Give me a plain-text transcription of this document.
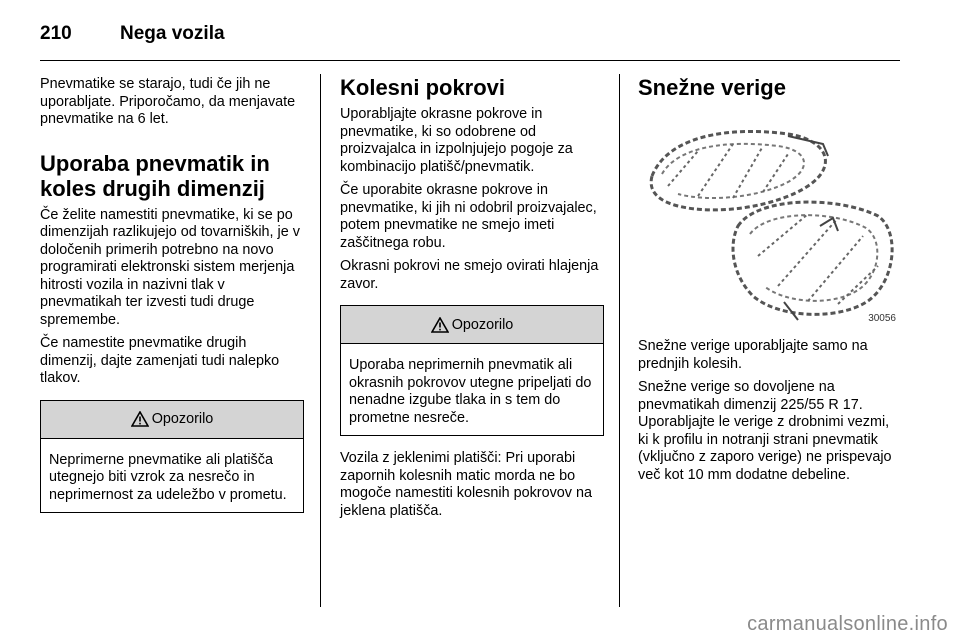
210	Nega vozila

Pnevmatike se starajo, tudi če jih ne uporabljate. Priporočamo, da menjavate pnevmatike na 6 let.

Uporaba pnevmatik in koles drugih dimenzij

Če želite namestiti pnevmatike, ki se po dimenzijah razlikujejo od tovarniških, je v določenih primerih potrebno na novo programirati elektronski sistem merjenja hitrosti vozila in nazivni tlak v pnevmatikah ter izvesti tudi druge spremembe.

Če namestite pnevmatike drugih dimenzij, dajte zamenjati tudi nalepko tlakov.

Opozorilo

Neprimerne pnevmatike ali platišča utegnejo biti vzrok za nesrečo in neprimernost za udeležbo v prometu.

Kolesni pokrovi

Uporabljajte okrasne pokrove in pnevmatike, ki so odobrene od proizvajalca in izpolnjujejo pogoje za kombinacijo platišč/pnevmatik.

Če uporabite okrasne pokrove in pnevmatike, ki jih ni odobril proizvajalec, potem pnevmatike ne smejo imeti zaščitnega robu.

Okrasni pokrovi ne smejo ovirati hlajenja zavor.

Opozorilo

Uporaba neprimernih pnevmatik ali okrasnih pokrovov utegne pripeljati do nenadne izgube tlaka in s tem do prometne nesreče.

Vozila z jeklenimi platišči: Pri uporabi zapornih kolesnih matic morda ne bo mogoče namestiti kolesnih pokrovov na jeklena platišča.

Snežne verige
30056

Snežne verige uporabljajte samo na prednjih kolesih.

Snežne verige so dovoljene na pnevmatikah dimenzij 225/55 R 17. Uporabljajte le verige z drobnimi vezmi, ki k profilu in notranji strani pnevmatik (vključno z zaporo verige) ne prispevajo več kot 10 mm dodatne debeline.

carmanualsonline.info
